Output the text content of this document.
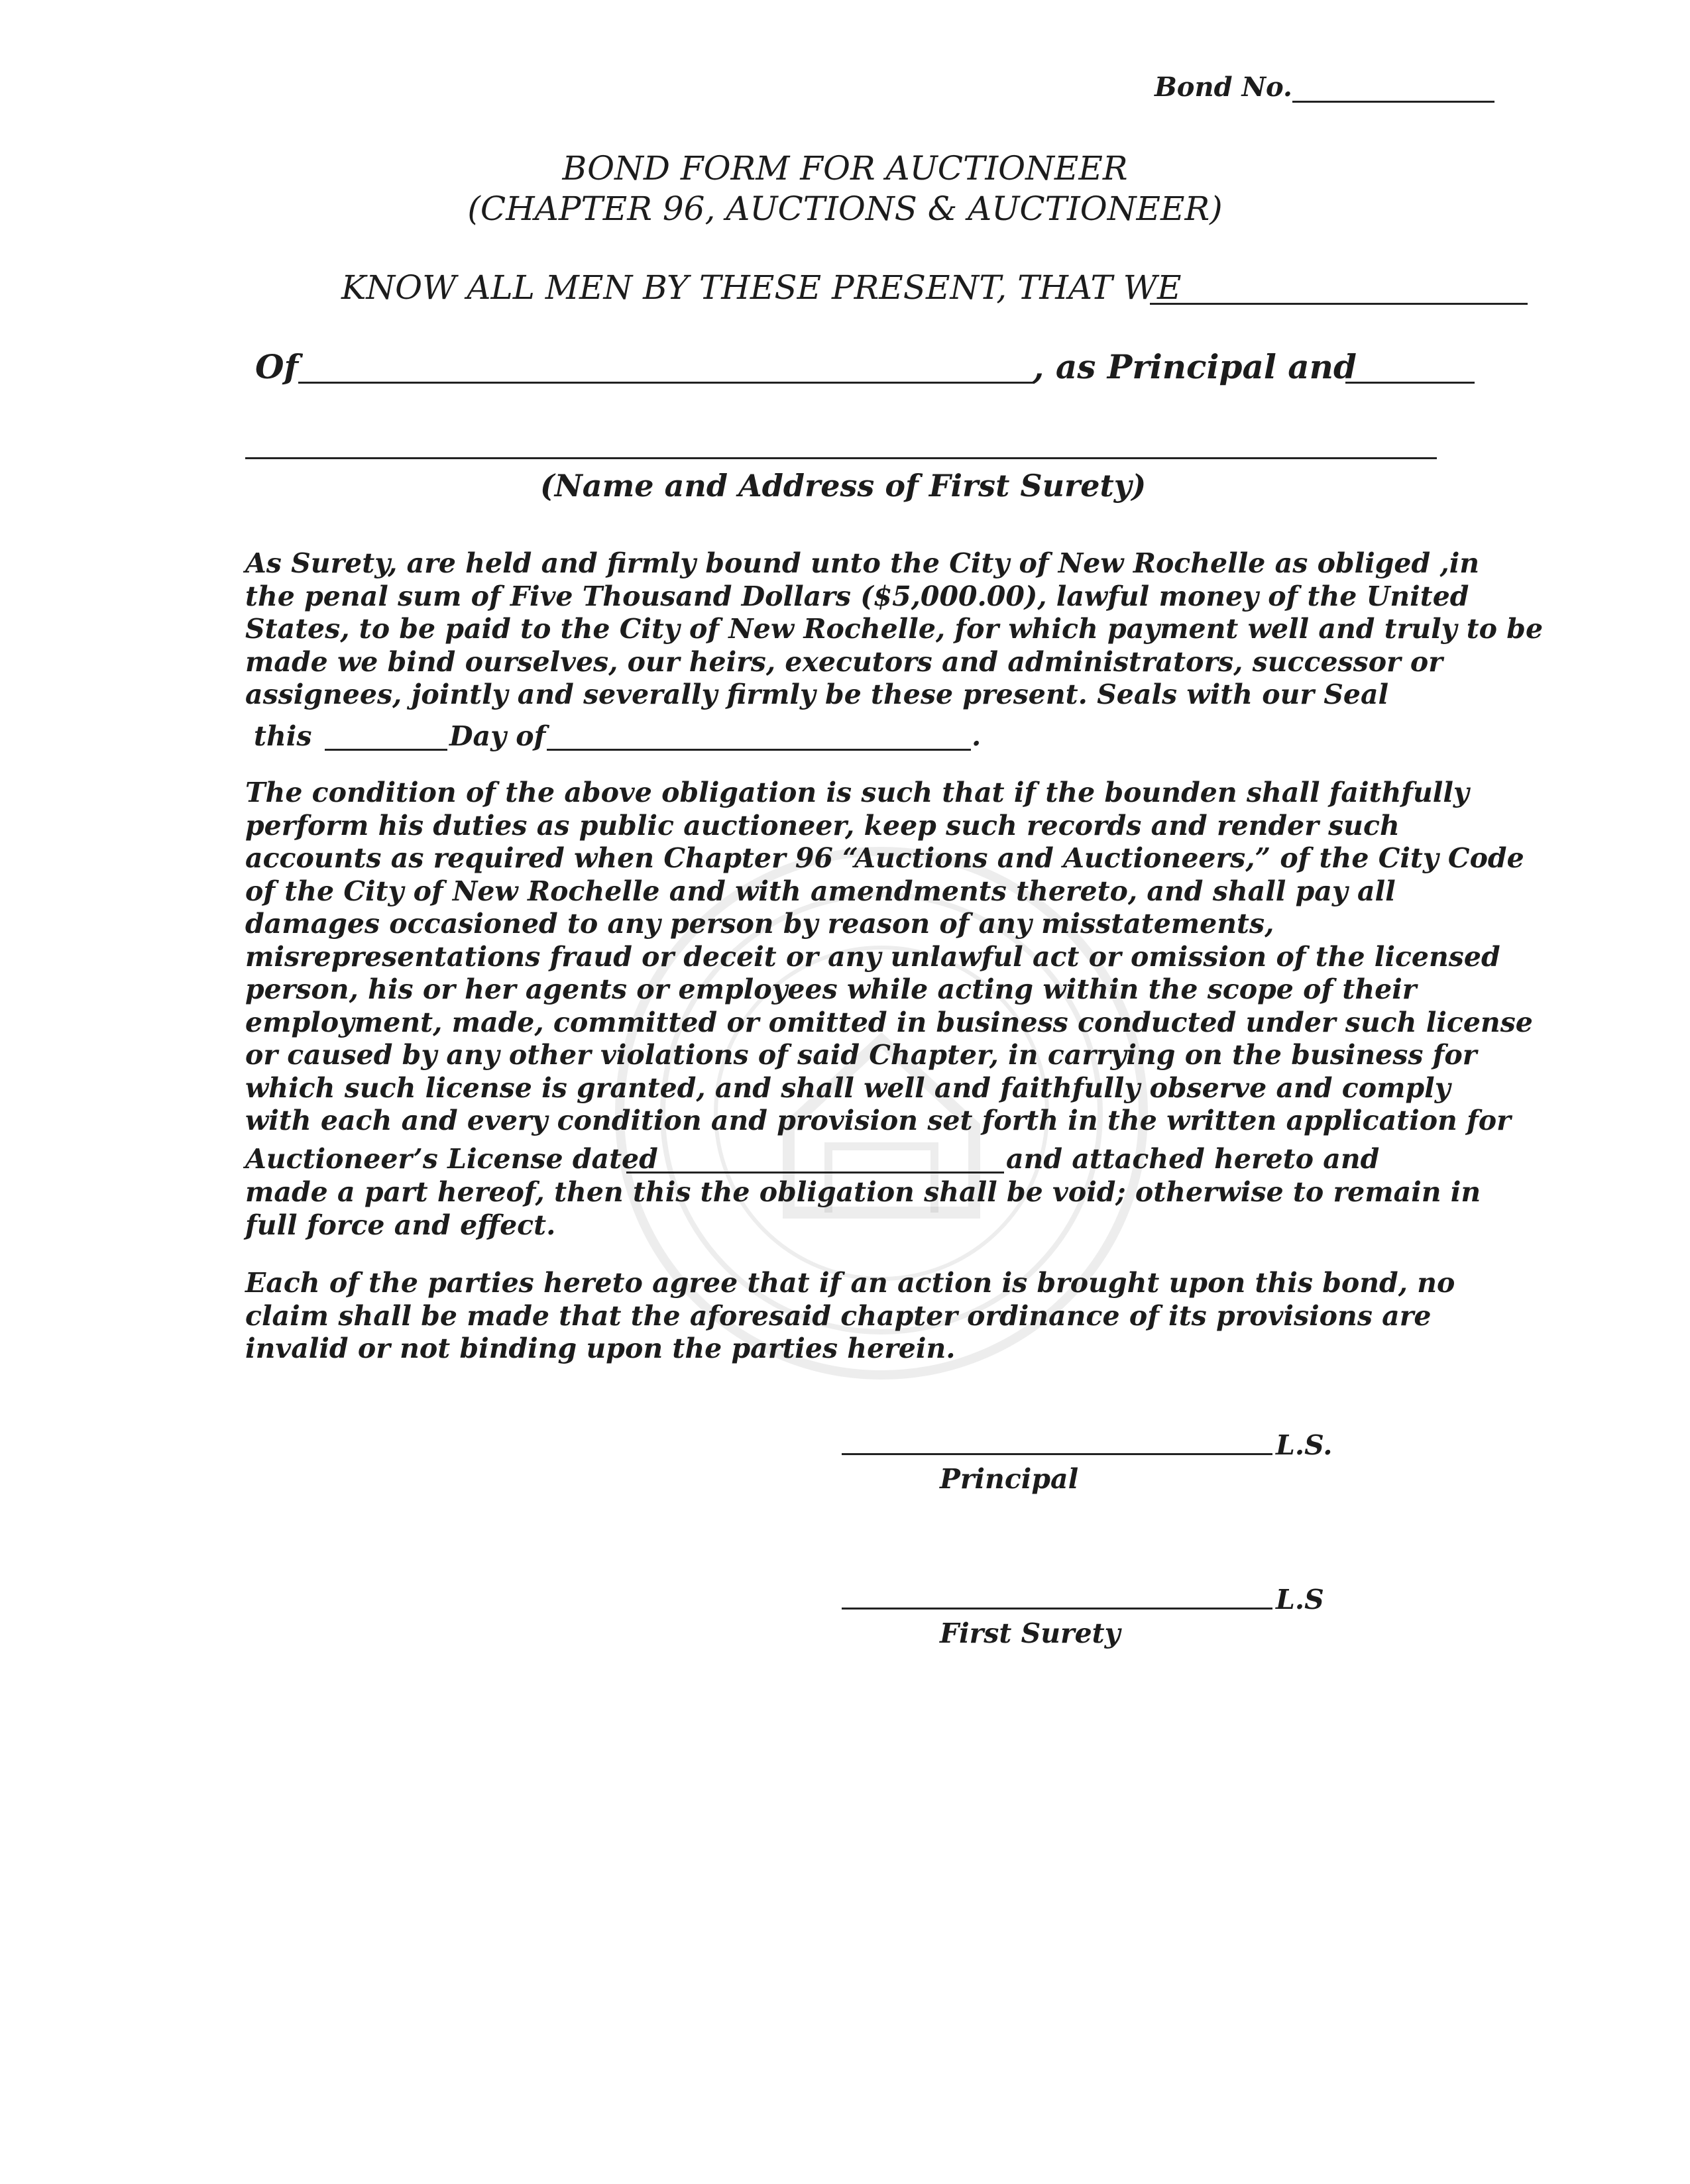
Bond No.
BOND FORM FOR AUCTIONEER
(CHAPTER 96, AUCTIONS & AUCTIONEER)
KNOW ALL MEN BY THESE PRESENT, THAT WE
Of	, as Principal and
(Name and Address of First Surety)
As Surety, are held and firmly bound unto the City of New Rochelle as obliged ,in
the penal sum of Five Thousand Dollars ($5,000.00), lawful money of the United
States, to be paid to the City of New Rochelle, for which payment well and truly to be
made we bind ourselves, our heirs, executors and administrators, successor or
assignees, jointly and severally firmly be these present. Seals with our Seal
this	Day of	.
The condition of the above obligation is such that if the bounden shall faithfully
perform his duties as public auctioneer, keep such records and render such
accounts as required when Chapter 96 “Auctions and Auctioneers,” of the City Code
of the City of New Rochelle and with amendments thereto, and shall pay all
damages occasioned to any person by reason of any misstatements,
misrepresentations fraud or deceit or any unlawful act or omission of the licensed
person, his or her agents or employees while acting within the scope of their
employment, made, committed or omitted in business conducted under such license
or caused by any other violations of said Chapter, in carrying on the business for
which such license is granted, and shall well and faithfully observe and comply
with each and every condition and provision set forth in the written application for
Auctioneer’s License dated	and attached hereto and
made a part hereof, then this the obligation shall be void; otherwise to remain in
full force and effect.
Each of the parties hereto agree that if an action is brought upon this bond, no
claim shall be made that the aforesaid chapter ordinance of its provisions are
invalid or not binding upon the parties herein.
L.S.
Principal
L.S
First Surety
